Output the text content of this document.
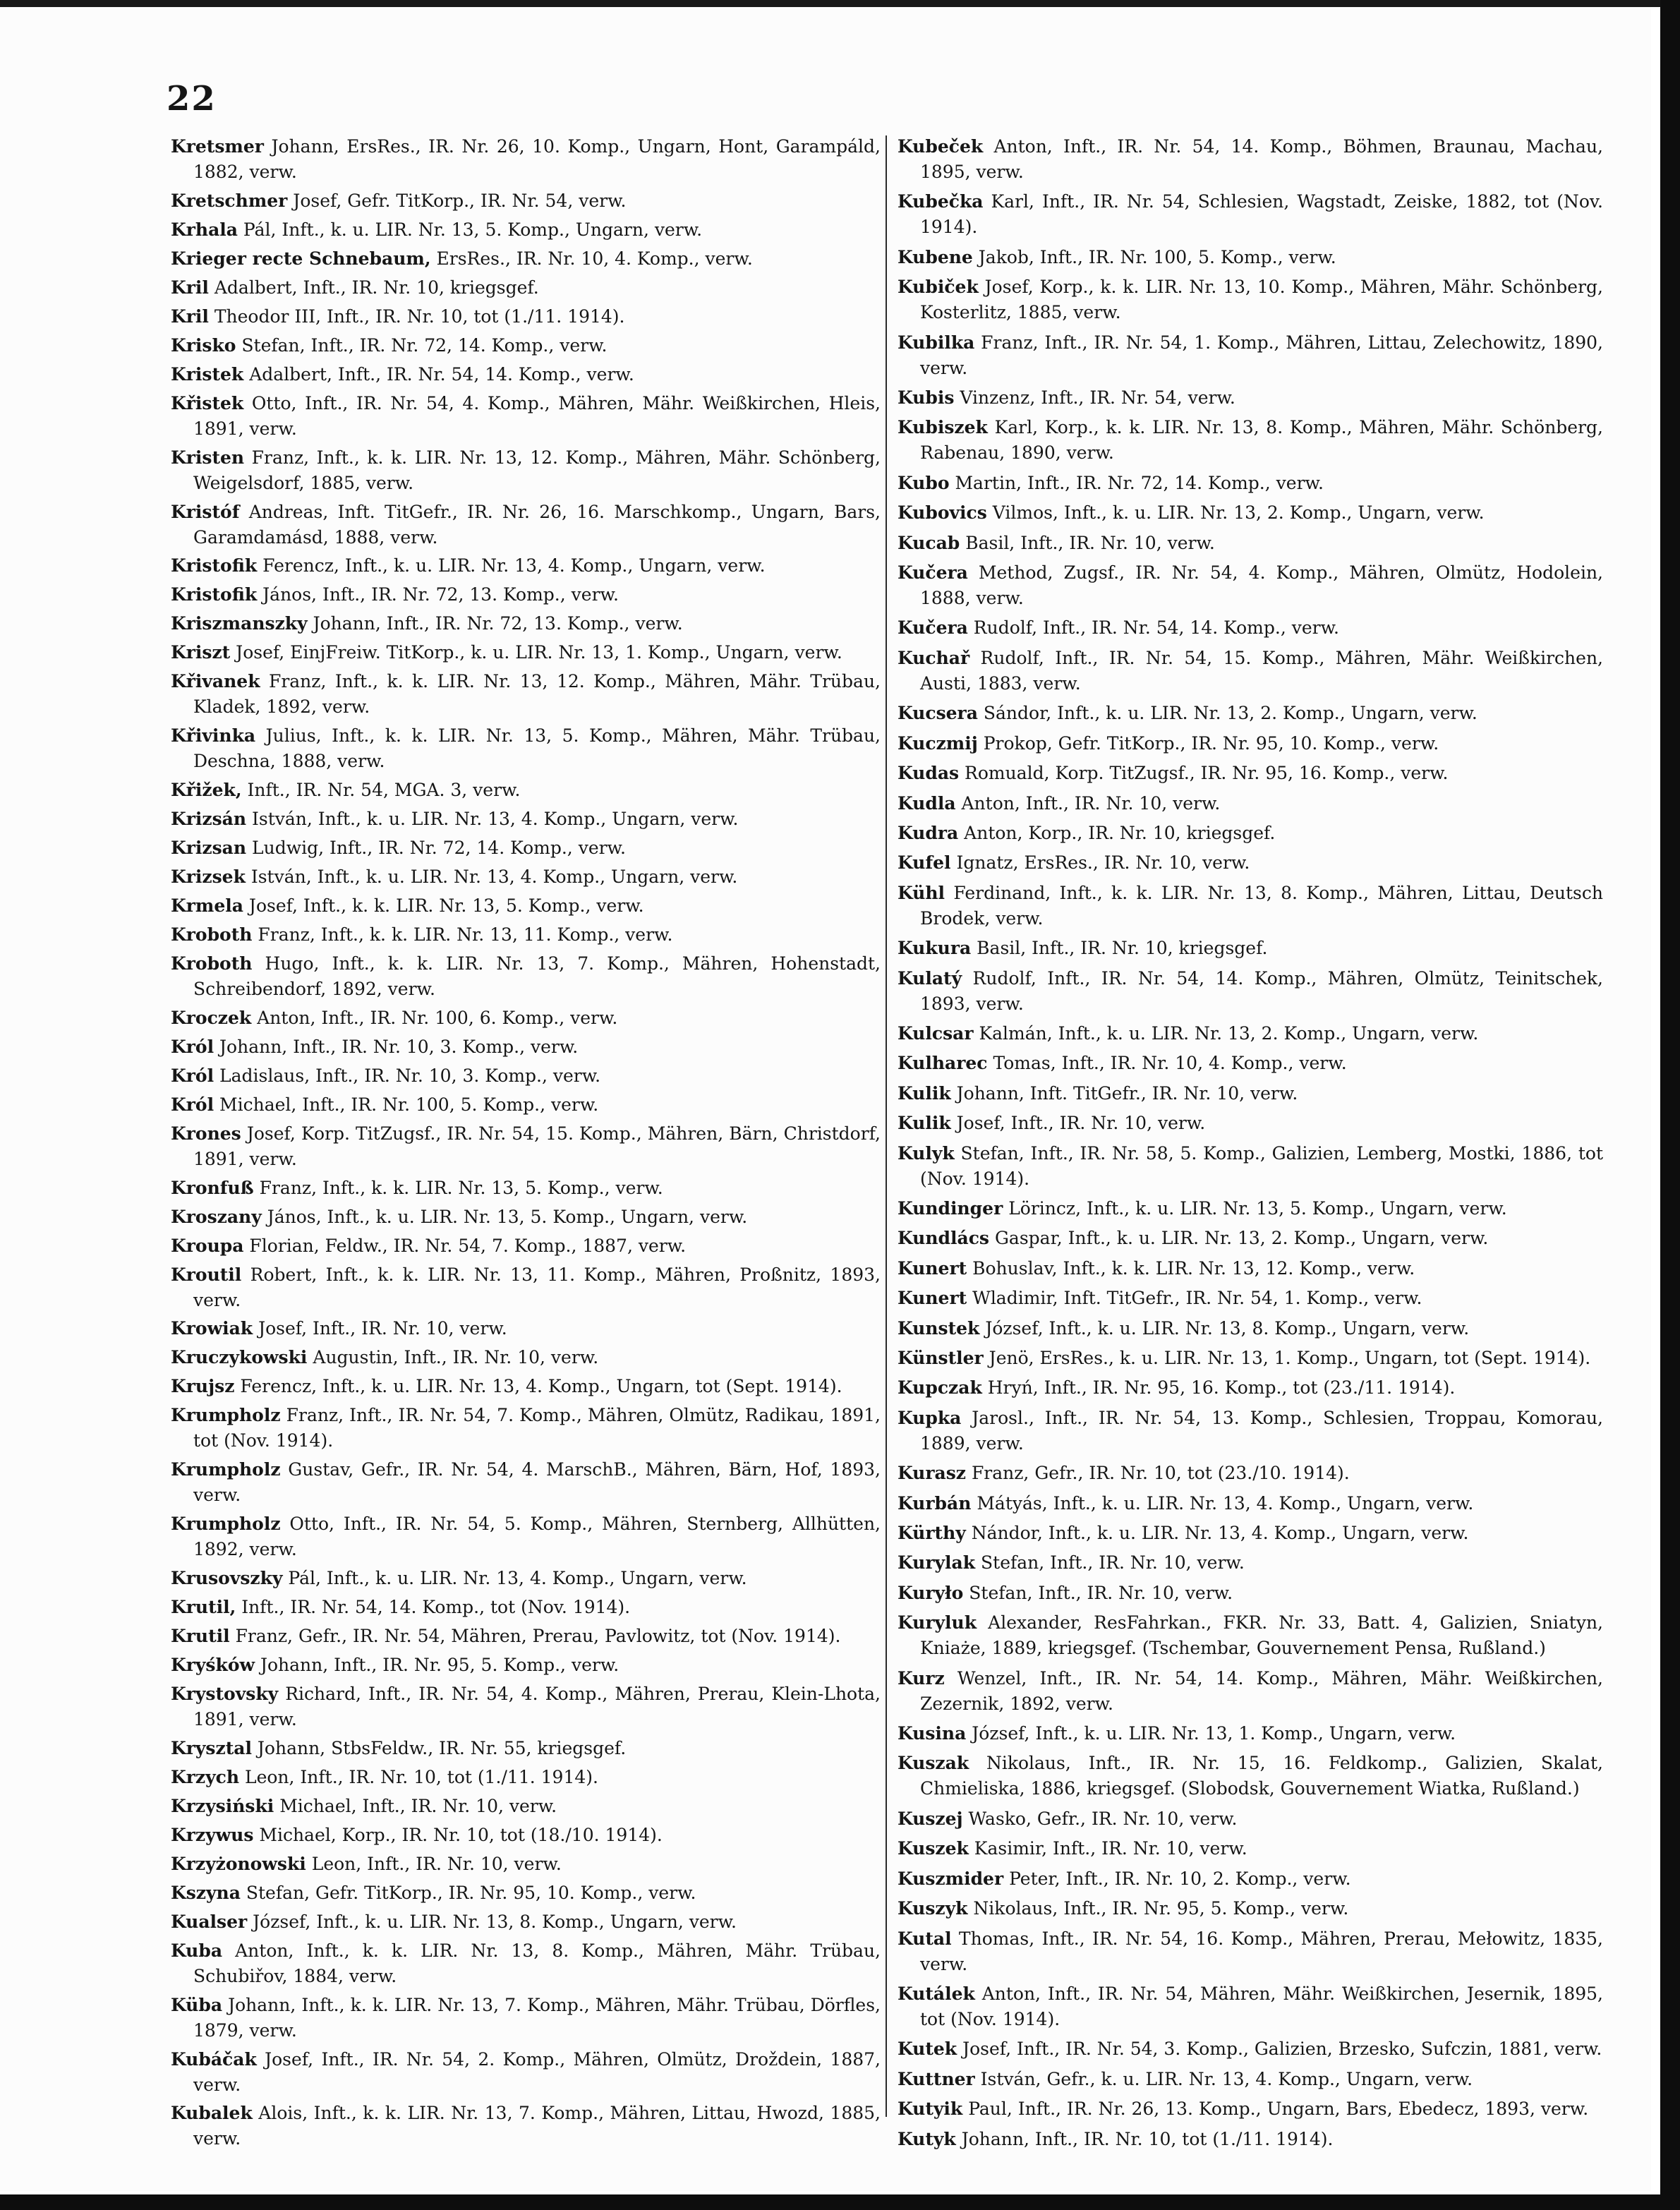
22

Kretsmer Johann, ErsRes., IR. Nr. 26, 10. Komp., Ungarn, Hont, Garampáld, 1882, verw.

Kretschmer Josef, Gefr. TitKorp., IR. Nr. 54, verw.

Krhala Pál, Inft., k. u. LIR. Nr. 13, 5. Komp., Ungarn, verw.

Krieger recte Schnebaum, ErsRes., IR. Nr. 10, 4. Komp., verw.

Kril Adalbert, Inft., IR. Nr. 10, kriegsgef.

Kril Theodor III, Inft., IR. Nr. 10, tot (1./11. 1914).

Krisko Stefan, Inft., IR. Nr. 72, 14. Komp., verw.

Kristek Adalbert, Inft., IR. Nr. 54, 14. Komp., verw.

Křistek Otto, Inft., IR. Nr. 54, 4. Komp., Mähren, Mähr. Weißkirchen, Hleis, 1891, verw.

Kristen Franz, Inft., k. k. LIR. Nr. 13, 12. Komp., Mähren, Mähr. Schönberg, Weigelsdorf, 1885, verw.

Kristóf Andreas, Inft. TitGefr., IR. Nr. 26, 16. Marschkomp., Ungarn, Bars, Garamdamásd, 1888, verw.

Kristofik Ferencz, Inft., k. u. LIR. Nr. 13, 4. Komp., Ungarn, verw.

Kristofik János, Inft., IR. Nr. 72, 13. Komp., verw.

Kriszmanszky Johann, Inft., IR. Nr. 72, 13. Komp., verw.

Kriszt Josef, EinjFreiw. TitKorp., k. u. LIR. Nr. 13, 1. Komp., Ungarn, verw.

Křivanek Franz, Inft., k. k. LIR. Nr. 13, 12. Komp., Mähren, Mähr. Trübau, Kladek, 1892, verw.

Křivinka Julius, Inft., k. k. LIR. Nr. 13, 5. Komp., Mähren, Mähr. Trübau, Deschna, 1888, verw.

Křižek, Inft., IR. Nr. 54, MGA. 3, verw.

Krizsán István, Inft., k. u. LIR. Nr. 13, 4. Komp., Ungarn, verw.

Krizsan Ludwig, Inft., IR. Nr. 72, 14. Komp., verw.

Krizsek István, Inft., k. u. LIR. Nr. 13, 4. Komp., Ungarn, verw.

Krmela Josef, Inft., k. k. LIR. Nr. 13, 5. Komp., verw.

Kroboth Franz, Inft., k. k. LIR. Nr. 13, 11. Komp., verw.

Kroboth Hugo, Inft., k. k. LIR. Nr. 13, 7. Komp., Mähren, Hohenstadt, Schreibendorf, 1892, verw.

Kroczek Anton, Inft., IR. Nr. 100, 6. Komp., verw.

Król Johann, Inft., IR. Nr. 10, 3. Komp., verw.

Król Ladislaus, Inft., IR. Nr. 10, 3. Komp., verw.

Król Michael, Inft., IR. Nr. 100, 5. Komp., verw.

Krones Josef, Korp. TitZugsf., IR. Nr. 54, 15. Komp., Mähren, Bärn, Christdorf, 1891, verw.

Kronfuß Franz, Inft., k. k. LIR. Nr. 13, 5. Komp., verw.

Kroszany János, Inft., k. u. LIR. Nr. 13, 5. Komp., Ungarn, verw.

Kroupa Florian, Feldw., IR. Nr. 54, 7. Komp., 1887, verw.

Kroutil Robert, Inft., k. k. LIR. Nr. 13, 11. Komp., Mähren, Proßnitz, 1893, verw.

Krowiak Josef, Inft., IR. Nr. 10, verw.

Kruczykowski Augustin, Inft., IR. Nr. 10, verw.

Krujsz Ferencz, Inft., k. u. LIR. Nr. 13, 4. Komp., Ungarn, tot (Sept. 1914).

Krumpholz Franz, Inft., IR. Nr. 54, 7. Komp., Mähren, Olmütz, Radikau, 1891, tot (Nov. 1914).

Krumpholz Gustav, Gefr., IR. Nr. 54, 4. MarschB., Mähren, Bärn, Hof, 1893, verw.

Krumpholz Otto, Inft., IR. Nr. 54, 5. Komp., Mähren, Sternberg, Allhütten, 1892, verw.

Krusovszky Pál, Inft., k. u. LIR. Nr. 13, 4. Komp., Ungarn, verw.

Krutil, Inft., IR. Nr. 54, 14. Komp., tot (Nov. 1914).

Krutil Franz, Gefr., IR. Nr. 54, Mähren, Prerau, Pavlowitz, tot (Nov. 1914).

Kryśków Johann, Inft., IR. Nr. 95, 5. Komp., verw.

Krystovsky Richard, Inft., IR. Nr. 54, 4. Komp., Mähren, Prerau, Klein-Lhota, 1891, verw.

Krysztal Johann, StbsFeldw., IR. Nr. 55, kriegsgef.

Krzych Leon, Inft., IR. Nr. 10, tot (1./11. 1914).

Krzysiński Michael, Inft., IR. Nr. 10, verw.

Krzywus Michael, Korp., IR. Nr. 10, tot (18./10. 1914).

Krzyżonowski Leon, Inft., IR. Nr. 10, verw.

Kszyna Stefan, Gefr. TitKorp., IR. Nr. 95, 10. Komp., verw.

Kualser József, Inft., k. u. LIR. Nr. 13, 8. Komp., Ungarn, verw.

Kuba Anton, Inft., k. k. LIR. Nr. 13, 8. Komp., Mähren, Mähr. Trübau, Schubiřov, 1884, verw.

Küba Johann, Inft., k. k. LIR. Nr. 13, 7. Komp., Mähren, Mähr. Trübau, Dörfles, 1879, verw.

Kubáčak Josef, Inft., IR. Nr. 54, 2. Komp., Mähren, Olmütz, Droždein, 1887, verw.

Kubalek Alois, Inft., k. k. LIR. Nr. 13, 7. Komp., Mähren, Littau, Hwozd, 1885, verw.

Kubeček Anton, Inft., IR. Nr. 54, 14. Komp., Böhmen, Braunau, Machau, 1895, verw.

Kubečka Karl, Inft., IR. Nr. 54, Schlesien, Wagstadt, Zeiske, 1882, tot (Nov. 1914).

Kubene Jakob, Inft., IR. Nr. 100, 5. Komp., verw.

Kubiček Josef, Korp., k. k. LIR. Nr. 13, 10. Komp., Mähren, Mähr. Schönberg, Kosterlitz, 1885, verw.

Kubilka Franz, Inft., IR. Nr. 54, 1. Komp., Mähren, Littau, Zelechowitz, 1890, verw.

Kubis Vinzenz, Inft., IR. Nr. 54, verw.

Kubiszek Karl, Korp., k. k. LIR. Nr. 13, 8. Komp., Mähren, Mähr. Schönberg, Rabenau, 1890, verw.

Kubo Martin, Inft., IR. Nr. 72, 14. Komp., verw.

Kubovics Vilmos, Inft., k. u. LIR. Nr. 13, 2. Komp., Ungarn, verw.

Kucab Basil, Inft., IR. Nr. 10, verw.

Kučera Method, Zugsf., IR. Nr. 54, 4. Komp., Mähren, Olmütz, Hodolein, 1888, verw.

Kučera Rudolf, Inft., IR. Nr. 54, 14. Komp., verw.

Kuchař Rudolf, Inft., IR. Nr. 54, 15. Komp., Mähren, Mähr. Weißkirchen, Austi, 1883, verw.

Kucsera Sándor, Inft., k. u. LIR. Nr. 13, 2. Komp., Ungarn, verw.

Kuczmij Prokop, Gefr. TitKorp., IR. Nr. 95, 10. Komp., verw.

Kudas Romuald, Korp. TitZugsf., IR. Nr. 95, 16. Komp., verw.

Kudla Anton, Inft., IR. Nr. 10, verw.

Kudra Anton, Korp., IR. Nr. 10, kriegsgef.

Kufel Ignatz, ErsRes., IR. Nr. 10, verw.

Kühl Ferdinand, Inft., k. k. LIR. Nr. 13, 8. Komp., Mähren, Littau, Deutsch Brodek, verw.

Kukura Basil, Inft., IR. Nr. 10, kriegsgef.

Kulatý Rudolf, Inft., IR. Nr. 54, 14. Komp., Mähren, Olmütz, Teinitschek, 1893, verw.

Kulcsar Kalmán, Inft., k. u. LIR. Nr. 13, 2. Komp., Ungarn, verw.

Kulharec Tomas, Inft., IR. Nr. 10, 4. Komp., verw.

Kulik Johann, Inft. TitGefr., IR. Nr. 10, verw.

Kulik Josef, Inft., IR. Nr. 10, verw.

Kulyk Stefan, Inft., IR. Nr. 58, 5. Komp., Galizien, Lemberg, Mostki, 1886, tot (Nov. 1914).

Kundinger Lörincz, Inft., k. u. LIR. Nr. 13, 5. Komp., Ungarn, verw.

Kundlács Gaspar, Inft., k. u. LIR. Nr. 13, 2. Komp., Ungarn, verw.

Kunert Bohuslav, Inft., k. k. LIR. Nr. 13, 12. Komp., verw.

Kunert Wladimir, Inft. TitGefr., IR. Nr. 54, 1. Komp., verw.

Kunstek József, Inft., k. u. LIR. Nr. 13, 8. Komp., Ungarn, verw.

Künstler Jenö, ErsRes., k. u. LIR. Nr. 13, 1. Komp., Ungarn, tot (Sept. 1914).

Kupczak Hryń, Inft., IR. Nr. 95, 16. Komp., tot (23./11. 1914).

Kupka Jarosl., Inft., IR. Nr. 54, 13. Komp., Schlesien, Troppau, Komorau, 1889, verw.

Kurasz Franz, Gefr., IR. Nr. 10, tot (23./10. 1914).

Kurbán Mátyás, Inft., k. u. LIR. Nr. 13, 4. Komp., Ungarn, verw.

Kürthy Nándor, Inft., k. u. LIR. Nr. 13, 4. Komp., Ungarn, verw.

Kurylak Stefan, Inft., IR. Nr. 10, verw.

Kuryło Stefan, Inft., IR. Nr. 10, verw.

Kuryluk Alexander, ResFahrkan., FKR. Nr. 33, Batt. 4, Galizien, Sniatyn, Kniaże, 1889, kriegsgef. (Tschembar, Gouvernement Pensa, Rußland.)

Kurz Wenzel, Inft., IR. Nr. 54, 14. Komp., Mähren, Mähr. Weißkirchen, Zezernik, 1892, verw.

Kusina József, Inft., k. u. LIR. Nr. 13, 1. Komp., Ungarn, verw.

Kuszak Nikolaus, Inft., IR. Nr. 15, 16. Feldkomp., Galizien, Skalat, Chmieliska, 1886, kriegsgef. (Slobodsk, Gouvernement Wiatka, Rußland.)

Kuszej Wasko, Gefr., IR. Nr. 10, verw.

Kuszek Kasimir, Inft., IR. Nr. 10, verw.

Kuszmider Peter, Inft., IR. Nr. 10, 2. Komp., verw.

Kuszyk Nikolaus, Inft., IR. Nr. 95, 5. Komp., verw.

Kutal Thomas, Inft., IR. Nr. 54, 16. Komp., Mähren, Prerau, Mełowitz, 1835, verw.

Kutálek Anton, Inft., IR. Nr. 54, Mähren, Mähr. Weißkirchen, Jesernik, 1895, tot (Nov. 1914).

Kutek Josef, Inft., IR. Nr. 54, 3. Komp., Galizien, Brzesko, Sufczin, 1881, verw.

Kuttner István, Gefr., k. u. LIR. Nr. 13, 4. Komp., Ungarn, verw.

Kutyik Paul, Inft., IR. Nr. 26, 13. Komp., Ungarn, Bars, Ebedecz, 1893, verw.

Kutyk Johann, Inft., IR. Nr. 10, tot (1./11. 1914).
